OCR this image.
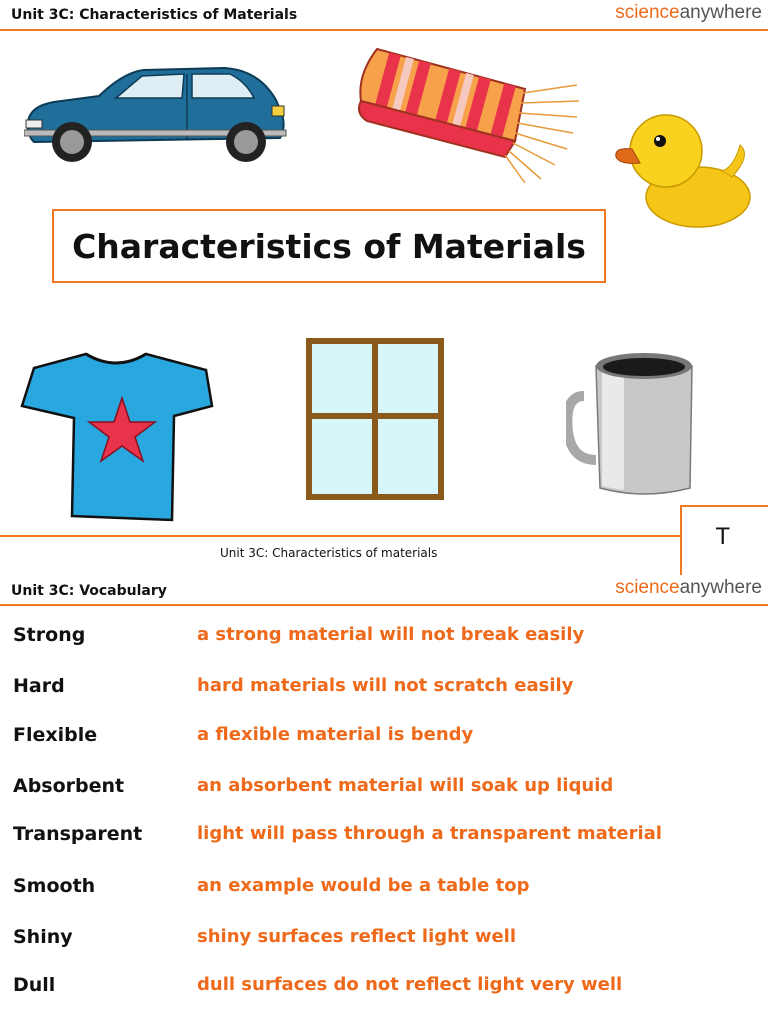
Unit 3C: Characteristics of Materials	scienceanywhere
Characteristics of Materials
T
Unit 3C: Characteristics of materials
Unit 3C: Vocabulary	scienceanywhere
Strong	a strong material will not break easily
Hard	hard materials will not scratch easily
Flexible	a flexible material is bendy
Absorbent	an absorbent material will soak up liquid
Transparent	light will pass through a transparent material
Smooth	an example would be a table top
Shiny	shiny surfaces reflect light well
Dull	dull surfaces do not reflect light very well
